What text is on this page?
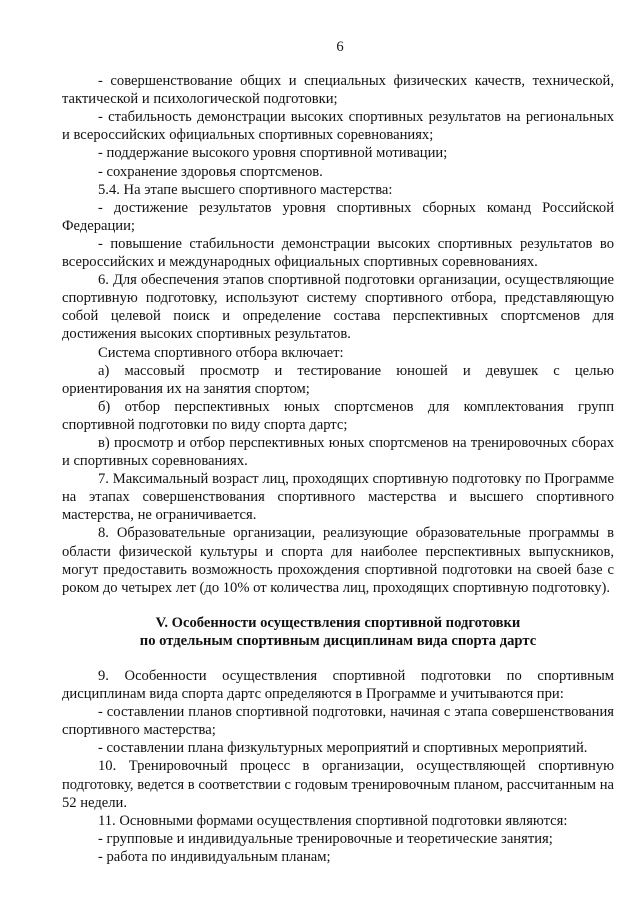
6

- совершенствование общих и специальных физических качеств, технической, тактической и психологической подготовки;

- стабильность демонстрации высоких спортивных результатов на региональных и всероссийских официальных спортивных соревнованиях;

- поддержание высокого уровня спортивной мотивации;

- сохранение здоровья спортсменов.

5.4. На этапе высшего спортивного мастерства:

- достижение результатов уровня спортивных сборных команд Российской Федерации;

- повышение стабильности демонстрации высоких спортивных результатов во всероссийских и международных официальных спортивных соревнованиях.

6. Для обеспечения этапов спортивной подготовки организации, осуществляющие спортивную подготовку, используют систему спортивного отбора, представляющую собой целевой поиск и определение состава перспективных спортсменов для достижения высоких спортивных результатов.

Система спортивного отбора включает:

а) массовый просмотр и тестирование юношей и девушек с целью ориентирования их на занятия спортом;

б) отбор перспективных юных спортсменов для комплектования групп спортивной подготовки по виду спорта дартс;

в) просмотр и отбор перспективных юных спортсменов на тренировочных сборах и спортивных соревнованиях.

7. Максимальный возраст лиц, проходящих спортивную подготовку по Программе на этапах совершенствования спортивного мастерства и высшего спортивного мастерства, не ограничивается.

8. Образовательные организации, реализующие образовательные программы в области физической культуры и спорта для наиболее перспективных выпускников, могут предоставить возможность прохождения спортивной подготовки на своей базе с роком до четырех лет (до 10% от количества лиц, проходящих спортивную подготовку).

V. Особенности осуществления спортивной подготовки
по отдельным спортивным дисциплинам вида спорта дартс

9. Особенности осуществления спортивной подготовки по спортивным дисциплинам вида спорта дартс определяются в Программе и учитываются при:

- составлении планов спортивной подготовки, начиная с этапа совершенствования спортивного мастерства;

- составлении плана физкультурных мероприятий и спортивных мероприятий.

10. Тренировочный процесс в организации, осуществляющей спортивную подготовку, ведется в соответствии с годовым тренировочным планом, рассчитанным на 52 недели.

11. Основными формами осуществления спортивной подготовки являются:

- групповые и индивидуальные тренировочные и теоретические занятия;

- работа по индивидуальным планам;
